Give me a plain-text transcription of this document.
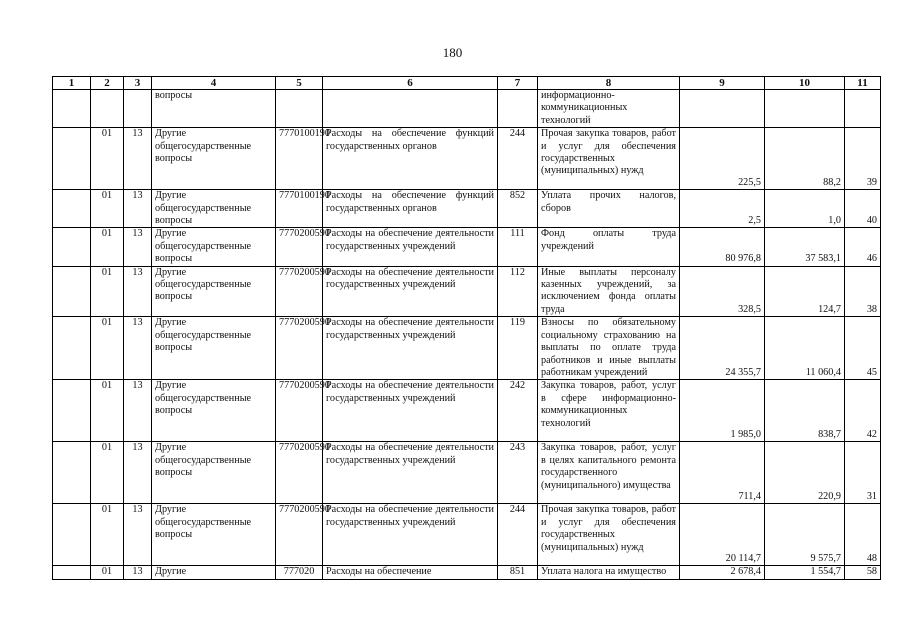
180
1	2	3	4	5	6	7	8	9	10	11
			вопросы				информационно-коммуникационных технологий			
	01	13	Другие общегосударственные вопросы	7770100190	Расходы на обеспечение функций государственных органов	244	Прочая закупка товаров, работ и услуг для обеспечения государственных (муниципальных) нужд	225,5	88,2	39
	01	13	Другие общегосударственные вопросы	7770100190	Расходы на обеспечение функций государственных органов	852	Уплата прочих налогов, сборов	2,5	1,0	40
	01	13	Другие общегосударственные вопросы	7770200590	Расходы на обеспечение деятельности государственных учреждений	111	Фонд оплаты труда учреждений	80 976,8	37 583,1	46
	01	13	Другие общегосударственные вопросы	7770200590	Расходы на обеспечение деятельности государственных учреждений	112	Иные выплаты персоналу казенных учреждений, за исключением фонда оплаты труда	328,5	124,7	38
	01	13	Другие общегосударственные вопросы	7770200590	Расходы на обеспечение деятельности государственных учреждений	119	Взносы по обязательному социальному страхованию на выплаты по оплате труда работников и иные выплаты работникам учреждений	24 355,7	11 060,4	45
	01	13	Другие общегосударственные вопросы	7770200590	Расходы на обеспечение деятельности государственных учреждений	242	Закупка товаров, работ, услуг в сфере информационно-коммуникационных технологий	1 985,0	838,7	42
	01	13	Другие общегосударственные вопросы	7770200590	Расходы на обеспечение деятельности государственных учреждений	243	Закупка товаров, работ, услуг в целях капитального ремонта государственного (муниципального) имущества	711,4	220,9	31
	01	13	Другие общегосударственные вопросы	7770200590	Расходы на обеспечение деятельности государственных учреждений	244	Прочая закупка товаров, работ и услуг для обеспечения государственных (муниципальных) нужд	20 114,7	9 575,7	48
	01	13	Другие	777020	Расходы на обеспечение	851	Уплата налога на имущество	2 678,4	1 554,7	58
